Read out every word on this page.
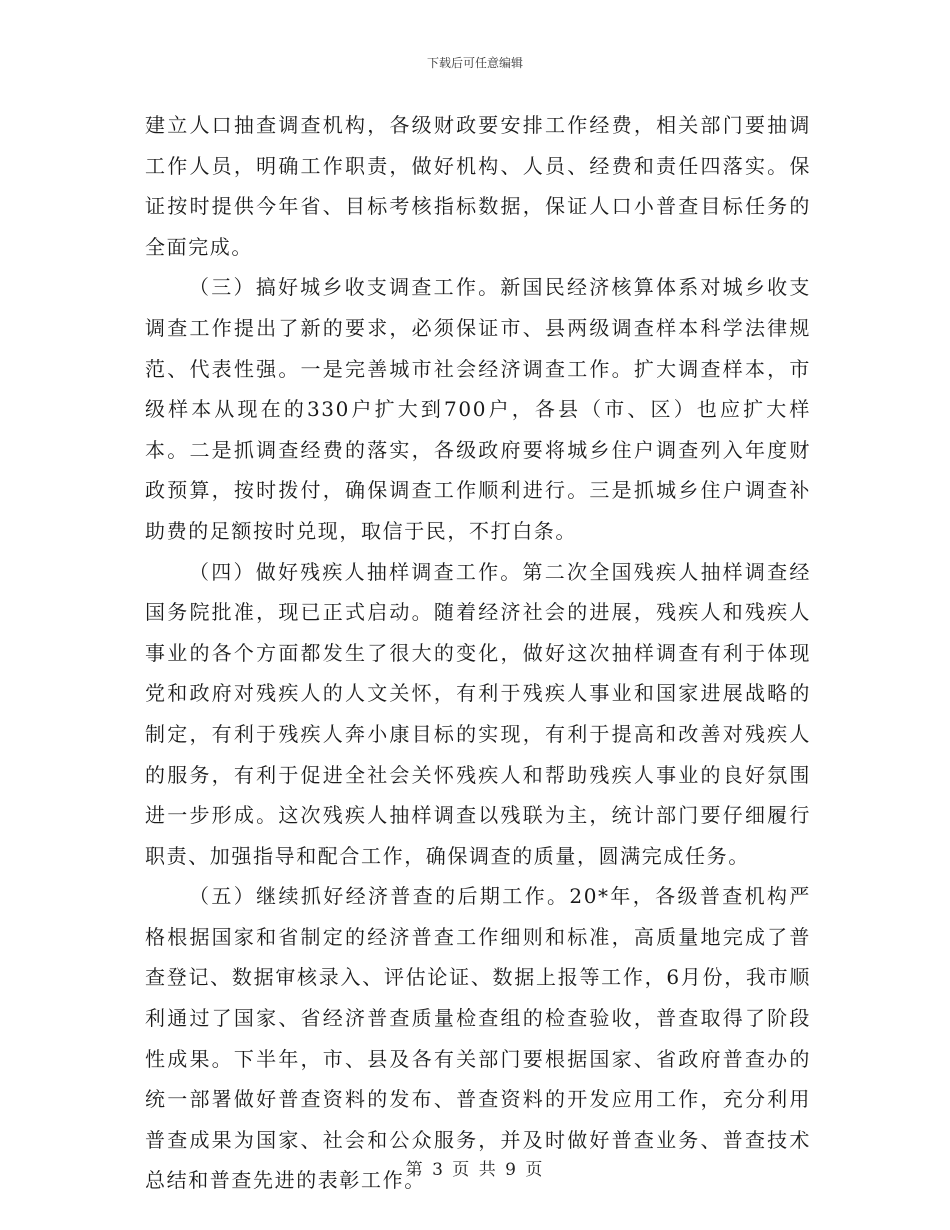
下载后可任意编辑

建立人口抽查调查机构，各级财政要安排工作经费，相关部门要抽调工作人员，明确工作职责，做好机构、人员、经费和责任四落实。保证按时提供今年省、目标考核指标数据，保证人口小普查目标任务的全面完成。

（三）搞好城乡收支调查工作。新国民经济核算体系对城乡收支调查工作提出了新的要求，必须保证市、县两级调查样本科学法律规范、代表性强。一是完善城市社会经济调查工作。扩大调查样本，市级样本从现在的330户扩大到700户，各县（市、区）也应扩大样本。二是抓调查经费的落实，各级政府要将城乡住户调查列入年度财政预算，按时拨付，确保调查工作顺利进行。三是抓城乡住户调查补助费的足额按时兑现，取信于民，不打白条。

（四）做好残疾人抽样调查工作。第二次全国残疾人抽样调查经国务院批准，现已正式启动。随着经济社会的进展，残疾人和残疾人事业的各个方面都发生了很大的变化，做好这次抽样调查有利于体现党和政府对残疾人的人文关怀，有利于残疾人事业和国家进展战略的制定，有利于残疾人奔小康目标的实现，有利于提高和改善对残疾人的服务，有利于促进全社会关怀残疾人和帮助残疾人事业的良好氛围进一步形成。这次残疾人抽样调查以残联为主，统计部门要仔细履行职责、加强指导和配合工作，确保调查的质量，圆满完成任务。

（五）继续抓好经济普查的后期工作。20*年，各级普查机构严格根据国家和省制定的经济普查工作细则和标准，高质量地完成了普查登记、数据审核录入、评估论证、数据上报等工作，6月份，我市顺利通过了国家、省经济普查质量检查组的检查验收，普查取得了阶段性成果。下半年，市、县及各有关部门要根据国家、省政府普查办的统一部署做好普查资料的发布、普查资料的开发应用工作，充分利用普查成果为国家、社会和公众服务，并及时做好普查业务、普查技术总结和普查先进的表彰工作。

第 3 页 共 9 页
